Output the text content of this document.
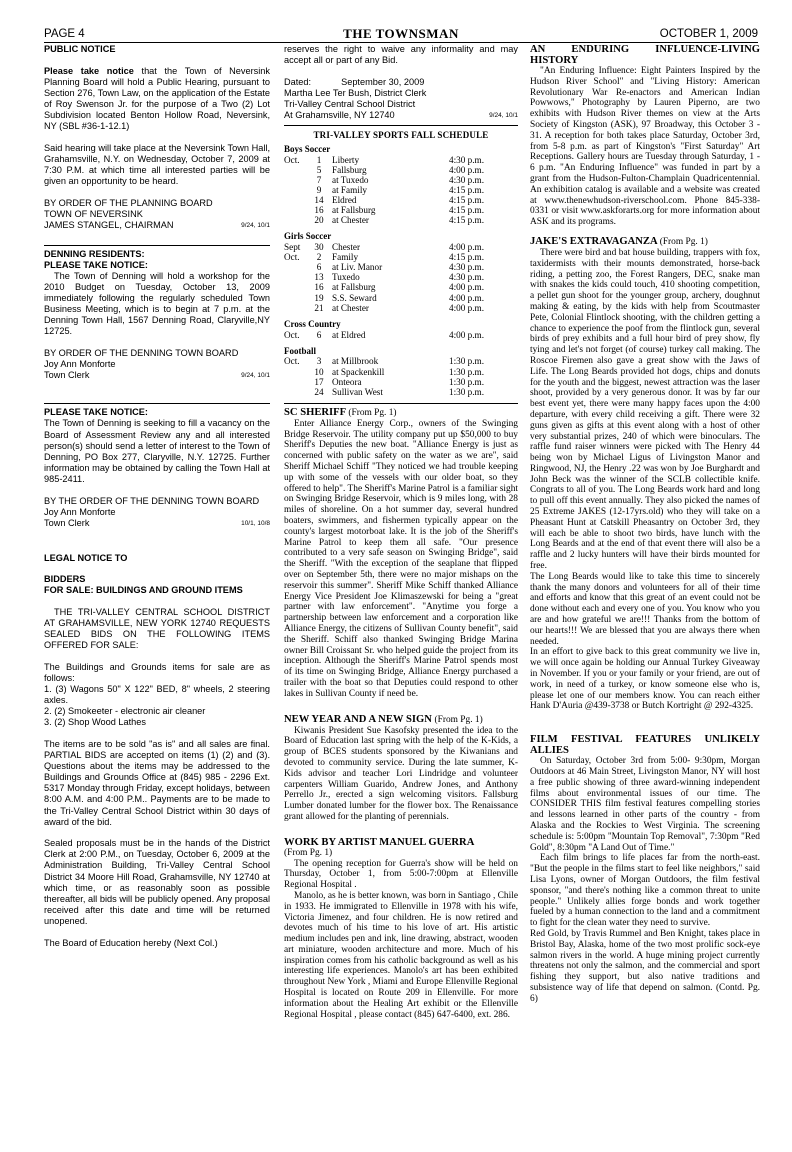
PAGE 4	THE TOWNSMAN	OCTOBER 1, 2009

PUBLIC NOTICE

Please take notice that the Town of Neversink Planning Board will hold a Public Hearing, pursuant to Section 276, Town Law, on the application of the Estate of Roy Swenson Jr. for the purpose of a Two (2) Lot Subdivision located Benton Hollow Road, Neversink, NY (SBL #36-1-12.1)

Said hearing will take place at the Neversink Town Hall, Grahamsville, N.Y. on Wednesday, October 7, 2009 at 7:30 P.M. at which time all interested parties will be given an opportunity to be heard.

BY ORDER OF THE PLANNING BOARD

TOWN OF NEVERSINK

JAMES STANGEL, CHAIRMAN	9/24, 10/1

DENNING RESIDENTS:

PLEASE TAKE NOTICE:

The Town of Denning will hold a workshop for the 2010 Budget on Tuesday, October 13, 2009 immediately following the regularly scheduled Town Business Meeting, which is to begin at 7 p.m. at the Denning Town Hall, 1567 Denning Road, Claryville,NY 12725.

BY ORDER OF THE DENNING TOWN BOARD

Joy Ann Monforte

Town Clerk	9/24, 10/1

PLEASE TAKE NOTICE:

The Town of Denning is seeking to fill a vacancy on the Board of Assessment Review any and all interested person(s) should send a letter of interest to the Town of Denning, PO Box 277, Claryville, N.Y. 12725. Further information may be obtained by calling the Town Hall at 985-2411.

BY THE ORDER OF THE DENNING TOWN BOARD

Joy Ann Monforte

Town Clerk	10/1, 10/8

LEGAL NOTICE TO

BIDDERS

FOR SALE: BUILDINGS AND GROUND ITEMS

THE TRI-VALLEY CENTRAL SCHOOL DISTRICT AT GRAHAMSVILLE, NEW YORK 12740 REQUESTS SEALED BIDS ON THE FOLLOWING ITEMS OFFERED FOR SALE:

The Buildings and Grounds items for sale are as follows:

1. (3) Wagons 50" X 122" BED, 8" wheels, 2 steering axles.

2. (2) Smokeeter - electronic air cleaner

3. (2) Shop Wood Lathes

The items are to be sold "as is" and all sales are final. PARTIAL BIDS are accepted on items (1) (2) and (3). Questions about the items may be addressed to the Buildings and Grounds Office at (845) 985 - 2296 Ext. 5317 Monday through Friday, except holidays, between 8:00 A.M. and 4:00 P.M.. Payments are to be made to the Tri-Valley Central School District within 30 days of award of the bid.

Sealed proposals must be in the hands of the District Clerk at 2:00 P.M., on Tuesday, October 6, 2009 at the Administration Building, Tri-Valley Central School District 34 Moore Hill Road, Grahamsville, NY 12740 at which time, or as reasonably soon as possible thereafter, all bids will be publicly opened. Any proposal received after this date and time will be returned unopened.

The Board of Education hereby (Next Col.)

reserves the right to waive any informality and may accept all or part of any Bid.

Dated:	September 30, 2009

Martha Lee Ter Bush, District Clerk

Tri-Valley Central School District

At Grahamsville, NY 12740	9/24, 10/1
TRI-VALLEY SPORTS FALL SCHEDULE
Boys Soccer
Oct.	1	Liberty	4:30 p.m.
	5	Fallsburg	4:00 p.m.
	7	at Tuxedo	4:30 p.m.
	9	at Family	4:15 p.m.
	14	Eldred	4:15 p.m.
	16	at Fallsburg	4:15 p.m.
	20	at Chester	4:15 p.m.
Girls Soccer
Sept	30	Chester	4:00 p.m.
Oct.	2	Family	4:15 p.m.
	6	at Liv. Manor	4:30 p.m.
	13	Tuxedo	4:30 p.m.
	16	at Fallsburg	4:00 p.m.
	19	S.S. Seward	4:00 p.m.
	21	at Chester	4:00 p.m.
Cross Country
Oct.	6	at Eldred	4:00 p.m.
Football
Oct.	3	at Millbrook	1:30 p.m.
	10	at Spackenkill	1:30 p.m.
	17	Onteora	1:30 p.m.
	24	Sullivan West	1:30 p.m.

SC SHERIFF (From Pg. 1)

Enter Alliance Energy Corp., owners of the Swinging Bridge Reservoir. The utility company put up $50,000 to buy Sheriff's Deputies the new boat. "Alliance Energy is just as concerned with public safety on the water as we are", said Sheriff Michael Schiff "They noticed we had trouble keeping up with some of the vessels with our older boat, so they offered to help". The Sheriff's Marine Patrol is a familiar sight on Swinging Bridge Reservoir, which is 9 miles long, with 28 miles of shoreline. On a hot summer day, several hundred boaters, swimmers, and fishermen typically appear on the county's largest motorboat lake. It is the job of the Sheriff's Marine Patrol to keep them all safe. "Our presence contributed to a very safe season on Swinging Bridge", said the Sheriff. "With the exception of the seaplane that flipped over on September 5th, there were no major mishaps on the reservoir this summer". Sheriff Mike Schiff thanked Alliance Energy Vice President Joe Klimaszewski for being a "great partner with law enforcement". "Anytime you forge a partnership between law enforcement and a corporation like Alliance Energy, the citizens of Sullivan County benefit", said the Sheriff. Schiff also thanked Swinging Bridge Marina owner Bill Croissant Sr. who helped guide the project from its inception. Although the Sheriff's Marine Patrol spends most of its time on Swinging Bridge, Alliance Energy purchased a trailer with the boat so that Deputies could respond to other lakes in Sullivan County if need be.

NEW YEAR AND A NEW SIGN (From Pg. 1)

Kiwanis President Sue Kasofsky presented the idea to the Board of Education last spring with the help of the K-Kids, a group of BCES students sponsored by the Kiwanians and devoted to community service. During the late summer, K-Kids advisor and teacher Lori Lindridge and volunteer carpenters William Guarido, Andrew Jones, and Anthony Perrello Jr., erected a sign welcoming visitors. Fallsburg Lumber donated lumber for the flower box. The Renaissance grant allowed for the planting of perennials.

WORK BY ARTIST MANUEL GUERRA

(From Pg. 1)

The opening reception for Guerra's show will be held on Thursday, October 1, from 5:00-7:00pm at Ellenville Regional Hospital .

Manolo, as he is better known, was born in Santiago , Chile in 1933. He immigrated to Ellenville in 1978 with his wife, Victoria Jimenez, and four children. He is now retired and devotes much of his time to his love of art. His artistic medium includes pen and ink, line drawing, abstract, wooden art miniature, wooden architecture and more. Much of his inspiration comes from his catholic background as well as his interesting life experiences. Manolo's art has been exhibited throughout New York , Miami and Europe Ellenville Regional Hospital is located on Route 209 in Ellenville. For more information about the Healing Art exhibit or the Ellenville Regional Hospital , please contact (845) 647-6400, ext. 286.

AN ENDURING INFLUENCE-LIVING HISTORY

"An Enduring Influence: Eight Painters Inspired by the Hudson River School" and "Living History: American Revolutionary War Re-enactors and American Indian Powwows," Photography by Lauren Piperno, are two exhibits with Hudson River themes on view at the Arts Society of Kingston (ASK), 97 Broadway, this October 3 - 31. A reception for both takes place Saturday, October 3rd, from 5-8 p.m. as part of Kingston's "First Saturday" Art Receptions. Gallery hours are Tuesday through Saturday, 1 - 6 p.m. "An Enduring Influence" was funded in part by a grant from the Hudson-Fulton-Champlain Quadricentennial. An exhibition catalog is available and a website was created at www.thenewhudson-riverschool.com. Phone 845-338-0331 or visit www.askforarts.org for more information about ASK and its programs.

JAKE'S EXTRAVAGANZA (From Pg. 1)

There were bird and bat house building, trappers with fox, taxidermists with their mounts demonstrated, horse-back riding, a petting zoo, the Forest Rangers, DEC, snake man with snakes the kids could touch, 410 shooting competition, a pellet gun shoot for the younger group, archery, doughnut making & eating, by the kids with help from Scoutmaster Pete, Colonial Flintlock shooting, with the children getting a chance to experience the poof from the flintlock gun, several birds of prey exhibits and a full hour bird of prey show, fly tying and let's not forget (of course) turkey call making. The Roscoe Firemen also gave a great show with the Jaws of Life. The Long Beards provided hot dogs, chips and donuts for the youth and the biggest, newest attraction was the laser shoot, provided by a very generous donor. It was by far our best event yet, there were many happy faces upon the 4:00 departure, with every child receiving a gift. There were 32 guns given as gifts at this event along with a host of other very substantial prizes, 240 of which were binoculars. The raffle fund raiser winners were picked with The Henry 44 being won by Michael Ligus of Livingston Manor and Ringwood, NJ, the Henry .22 was won by Joe Burghardt and John Beck was the winner of the SCLB collectible knife. Congrats to all of you. The Long Beards work hard and long to pull off this event annually. They also picked the names of 25 Extreme JAKES (12-17yrs.old) who they will take on a Pheasant Hunt at Catskill Pheasantry on October 3rd, they will each be able to shoot two birds, have lunch with the Long Beards and at the end of that event there will also be a raffle and 2 lucky hunters will have their birds mounted for free.

The Long Beards would like to take this time to sincerely thank the many donors and volunteers for all of their time and efforts and know that this great of an event could not be done without each and every one of you. You know who you are and how grateful we are!!! Thanks from the bottom of our hearts!!! We are blessed that you are always there when needed.

In an effort to give back to this great community we live in, we will once again be holding our Annual Turkey Giveaway in November. If you or your family or your friend, are out of work, in need of a turkey, or know someone else who is, please let one of our members know. You can reach either Hank D'Auria @439-3738 or Butch Kortright @ 292-4325.

FILM FESTIVAL FEATURES UNLIKELY ALLIES

On Saturday, October 3rd from 5:00- 9:30pm, Morgan Outdoors at 46 Main Street, Livingston Manor, NY will host a free public showing of three award-winning independent films about environmental issues of our time. The CONSIDER THIS film festival features compelling stories and lessons learned in other parts of the country - from Alaska and the Rockies to West Virginia. The screening schedule is: 5:00pm "Mountain Top Removal", 7:30pm "Red Gold", 8:30pm "A Land Out of Time."

Each film brings to life places far from the north-east. "But the people in the films start to feel like neighbors," said Lisa Lyons, owner of Morgan Outdoors, the film festival sponsor, "and there's nothing like a common threat to unite people." Unlikely allies forge bonds and work together fueled by a human connection to the land and a commitment to fight for the clean water they need to survive.

Red Gold, by Travis Rummel and Ben Knight, takes place in Bristol Bay, Alaska, home of the two most prolific sock-eye salmon rivers in the world. A huge mining project currently threatens not only the salmon, and the commercial and sport fishing they support, but also native traditions and subsistence way of life that depend on salmon. (Contd. Pg. 6)
